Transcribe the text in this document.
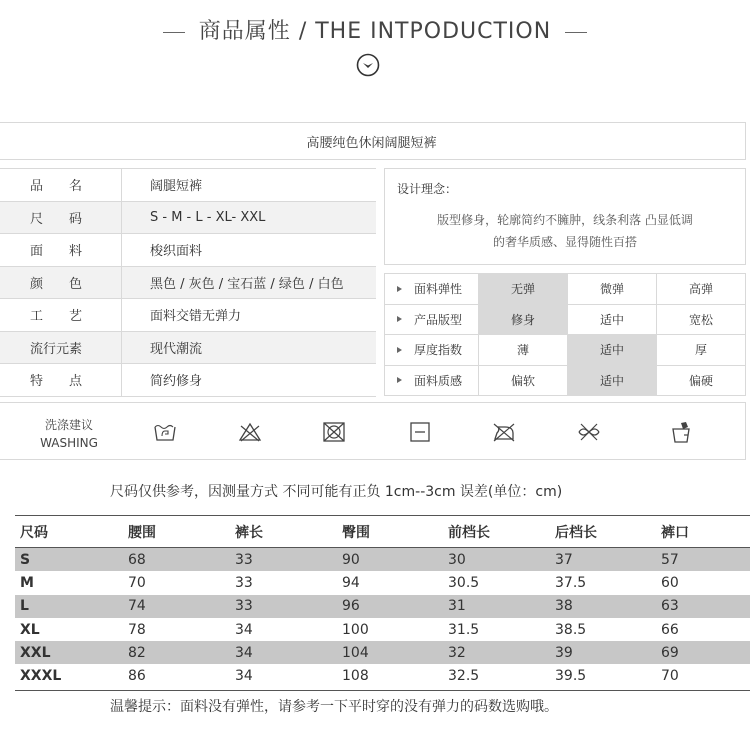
商品属性 / THE INTPODUCTION
高腰纯色休闲阔腿短裤
品　　名	阔腿短裤
尺　　码	S - M - L - XL- XXL
面　　料	梭织面料
颜　　色	黑色 / 灰色 / 宝石蓝 / 绿色 / 白色
工　　艺	面料交错无弹力
流行元素	现代潮流
特　　点	简约修身
设计理念：
版型修身，轮廓简约不臃肿，线条利落 凸显低调
的奢华质感、显得随性百搭
面料弹性	无弹	微弹	高弹
产品版型	修身	适中	宽松
厚度指数	薄	适中	厚
面料质感	偏软	适中	偏硬
洗涤建议
WASHING
尺码仅供参考，因测量方式 不同可能有正负 1cm--3cm 误差(单位：cm)
尺码	腰围	裤长	臀围	前档长	后档长	裤口
S	68	33	90	30	37	57
M	70	33	94	30.5	37.5	60
L	74	33	96	31	38	63
XL	78	34	100	31.5	38.5	66
XXL	82	34	104	32	39	69
XXXL	86	34	108	32.5	39.5	70
温馨提示：面料没有弹性，请参考一下平时穿的没有弹力的码数选购哦。
